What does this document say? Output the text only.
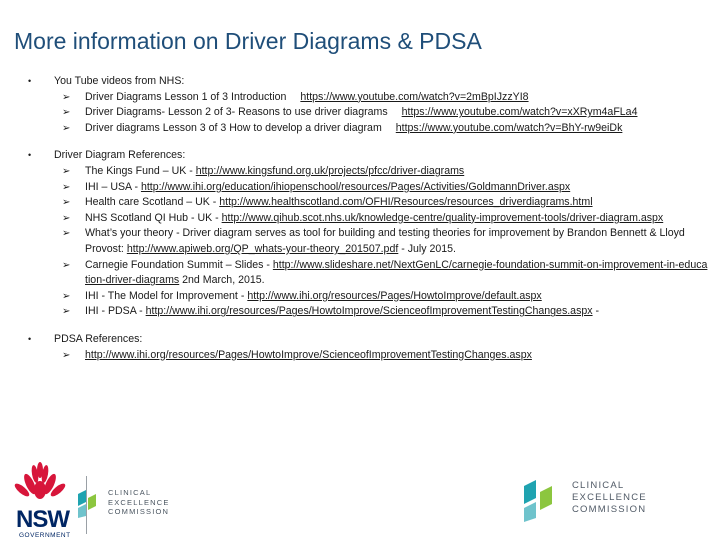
More information on Driver Diagrams & PDSA
• You Tube videos from NHS:
➢ Driver Diagrams Lesson 1 of 3 Introduction https://www.youtube.com/watch?v=2mBpIJzzYI8
➢ Driver Diagrams- Lesson 2 of 3- Reasons to use driver diagrams https://www.youtube.com/watch?v=xXRym4aFLa4
➢ Driver diagrams Lesson 3 of 3 How to develop a driver diagram https://www.youtube.com/watch?v=BhY-rw9eiDk
• Driver Diagram References:
➢ The Kings Fund – UK - http://www.kingsfund.org.uk/projects/pfcc/driver-diagrams
➢ IHI – USA - http://www.ihi.org/education/ihiopenschool/resources/Pages/Activities/GoldmannDriver.aspx
➢ Health care Scotland – UK - http://www.healthscotland.com/OFHI/Resources/resources_driverdiagrams.html
➢ NHS Scotland QI Hub - UK - http://www.qihub.scot.nhs.uk/knowledge-centre/quality-improvement-tools/driver-diagram.aspx
➢ What’s your theory - Driver diagram serves as tool for building and testing theories for improvement by Brandon Bennett & Lloyd Provost: http://www.apiweb.org/QP_whats-your-theory_201507.pdf - July 2015.
➢ Carnegie Foundation Summit – Slides - http://www.slideshare.net/NextGenLC/carnegie-foundation-summit-on-improvement-in-education-driver-diagrams 2nd March, 2015.
➢ IHI - The Model for Improvement - http://www.ihi.org/resources/Pages/HowtoImprove/default.aspx
➢ IHI - PDSA - http://www.ihi.org/resources/Pages/HowtoImprove/ScienceofImprovementTestingChanges.aspx -
• PDSA References:
➢ http://www.ihi.org/resources/Pages/HowtoImprove/ScienceofImprovementTestingChanges.aspx
NSW
GOVERNMENT
CLINICAL
EXCELLENCE
COMMISSION
CLINICAL
EXCELLENCE
COMMISSION
